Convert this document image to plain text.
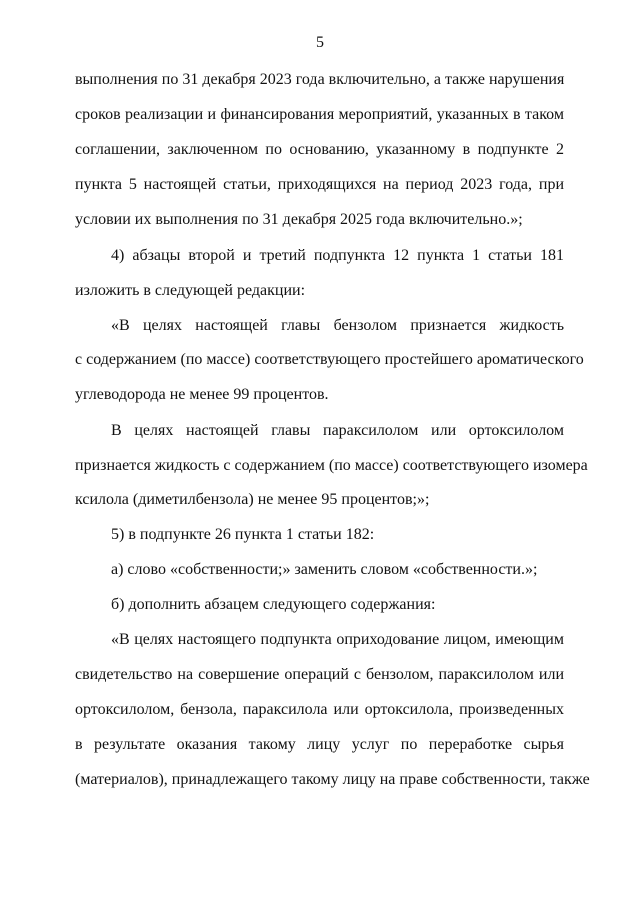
5
выполнения по 31 декабря 2023 года включительно, а также нарушения
сроков реализации и финансирования мероприятий, указанных в таком
соглашении, заключенном по основанию, указанному в подпункте 2
пункта 5 настоящей статьи, приходящихся на период 2023 года, при
условии их выполнения по 31 декабря 2025 года включительно.»;
4) абзацы второй и третий подпункта 12 пункта 1 статьи 181
изложить в следующей редакции:
«В целях настоящей главы бензолом признается жидкость
с содержанием (по массе) соответствующего простейшего ароматического
углеводорода не менее 99 процентов.
В целях настоящей главы параксилолом или ортоксилолом
признается жидкость с содержанием (по массе) соответствующего изомера
ксилола (диметилбензола) не менее 95 процентов;»;
5) в подпункте 26 пункта 1 статьи 182:
а) слово «собственности;» заменить словом «собственности.»;
б) дополнить абзацем следующего содержания:
«В целях настоящего подпункта оприходование лицом, имеющим
свидетельство на совершение операций с бензолом, параксилолом или
ортоксилолом, бензола, параксилола или ортоксилола, произведенных
в результате оказания такому лицу услуг по переработке сырья
(материалов), принадлежащего такому лицу на праве собственности, также
